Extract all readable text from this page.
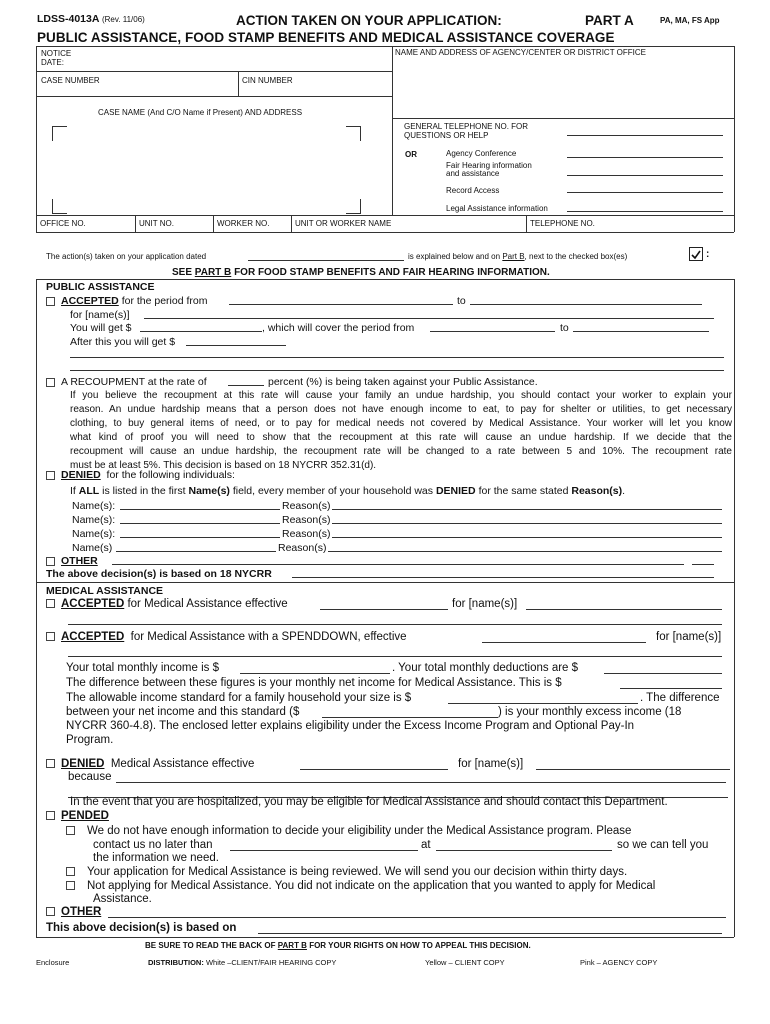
LDSS-4013A (Rev. 11/06)	ACTION TAKEN ON YOUR APPLICATION:	PART A	PA, MA, FS App
PUBLIC ASSISTANCE, FOOD STAMP BENEFITS AND MEDICAL ASSISTANCE COVERAGE
NOTICE DATE:
NAME AND ADDRESS OF AGENCY/CENTER OR DISTRICT OFFICE
CASE NUMBER	CIN NUMBER
CASE NAME (And C/O Name if Present) AND ADDRESS
GENERAL TELEPHONE NO. FOR
QUESTIONS OR HELP
OR	Agency Conference
Fair Hearing information
and assistance
Record Access
Legal Assistance information
OFFICE NO.	UNIT NO.	WORKER NO.	UNIT OR WORKER NAME	TELEPHONE NO.
The action(s) taken on your application dated	is explained below and on Part B, next to the checked box(es)	:
SEE PART B FOR FOOD STAMP BENEFITS AND FAIR HEARING INFORMATION.
PUBLIC ASSISTANCE
ACCEPTED for the period from	to
for [name(s)]
You will get $	, which will cover the period from	to
After this you will get $
A RECOUPMENT at the rate of	percent (%) is being taken against your Public Assistance.
If you believe the recoupment at this rate will cause your family an undue hardship, you should contact your worker to explain your
reason. An undue hardship means that a person does not have enough income to eat, to pay for shelter or utilities, to get necessary
clothing, to buy general items of need, or to pay for medical needs not covered by Medical Assistance. Your worker will let you know
what kind of proof you will need to show that the recoupment at this rate will cause an undue hardship. If we decide that the
recoupment will cause an undue hardship, the recoupment rate will be changed to a rate between 5 and 10%. The recoupment rate
must be at least 5%. This decision is based on 18 NYCRR 352.31(d).
DENIED for the following individuals:
If ALL is listed in the first Name(s) field, every member of your household was DENIED for the same stated Reason(s).
Name(s):	Reason(s)
Name(s):	Reason(s)
Name(s):	Reason(s)
Name(s)	Reason(s)
OTHER
The above decision(s) is based on 18 NYCRR
MEDICAL ASSISTANCE
ACCEPTED for Medical Assistance effective	for [name(s)]
ACCEPTED for Medical Assistance with a SPENDDOWN, effective	for [name(s)]
Your total monthly income is $	. Your total monthly deductions are $
The difference between these figures is your monthly net income for Medical Assistance. This is $
The allowable income standard for a family household your size is $	. The difference
between your net income and this standard ($	) is your monthly excess income (18
NYCRR 360-4.8). The enclosed letter explains eligibility under the Excess Income Program and Optional Pay-In
Program.
DENIED Medical Assistance effective	for [name(s)]
because
In the event that you are hospitalized, you may be eligible for Medical Assistance and should contact this Department.
PENDED
We do not have enough information to decide your eligibility under the Medical Assistance program. Please
contact us no later than	at	so we can tell you
the information we need.
Your application for Medical Assistance is being reviewed. We will send you our decision within thirty days.
Not applying for Medical Assistance. You did not indicate on the application that you wanted to apply for Medical
Assistance.
OTHER
This above decision(s) is based on
BE SURE TO READ THE BACK OF PART B FOR YOUR RIGHTS ON HOW TO APPEAL THIS DECISION.
Enclosure	DISTRIBUTION: White –CLIENT/FAIR HEARING COPY	Yellow – CLIENT COPY	Pink – AGENCY COPY
